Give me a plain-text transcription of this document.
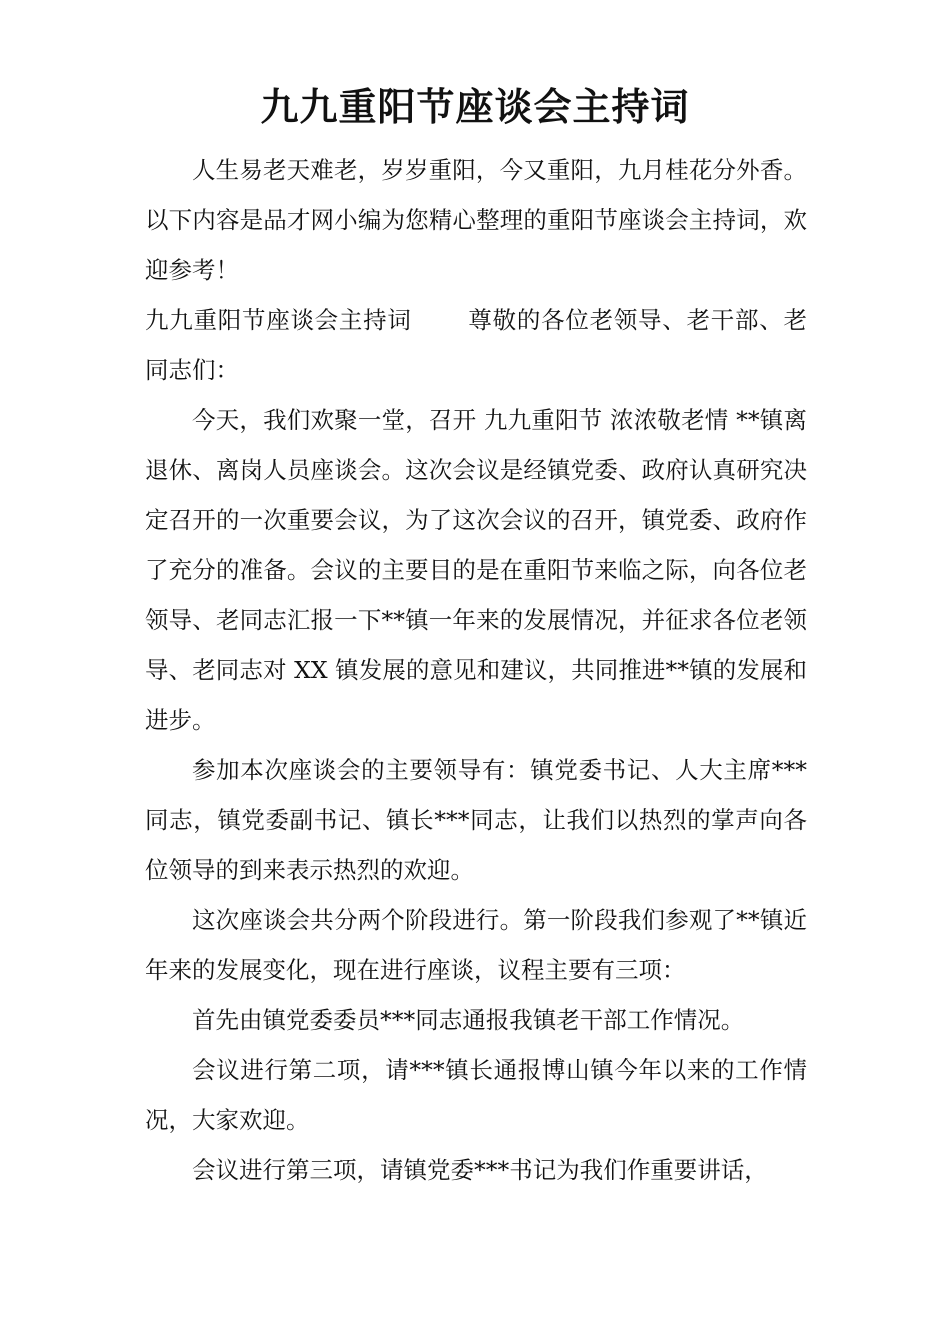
九九重阳节座谈会主持词

人生易老天难老，岁岁重阳，今又重阳，九月桂花分外香。以下内容是品才网小编为您精心整理的重阳节座谈会主持词，欢迎参考！

九九重阳节座谈会主持词 尊敬的各位老领导、老干部、老同志们：

今天，我们欢聚一堂，召开 九九重阳节 浓浓敬老情 **镇离退休、离岗人员座谈会。这次会议是经镇党委、政府认真研究决定召开的一次重要会议，为了这次会议的召开，镇党委、政府作了充分的准备。会议的主要目的是在重阳节来临之际，向各位老领导、老同志汇报一下**镇一年来的发展情况，并征求各位老领导、老同志对 XX 镇发展的意见和建议，共同推进**镇的发展和进步。

参加本次座谈会的主要领导有：镇党委书记、人大主席***同志，镇党委副书记、镇长***同志，让我们以热烈的掌声向各位领导的到来表示热烈的欢迎。

这次座谈会共分两个阶段进行。第一阶段我们参观了**镇近年来的发展变化，现在进行座谈，议程主要有三项：

首先由镇党委委员***同志通报我镇老干部工作情况。

会议进行第二项，请***镇长通报博山镇今年以来的工作情况，大家欢迎。

会议进行第三项，请镇党委***书记为我们作重要讲话，
